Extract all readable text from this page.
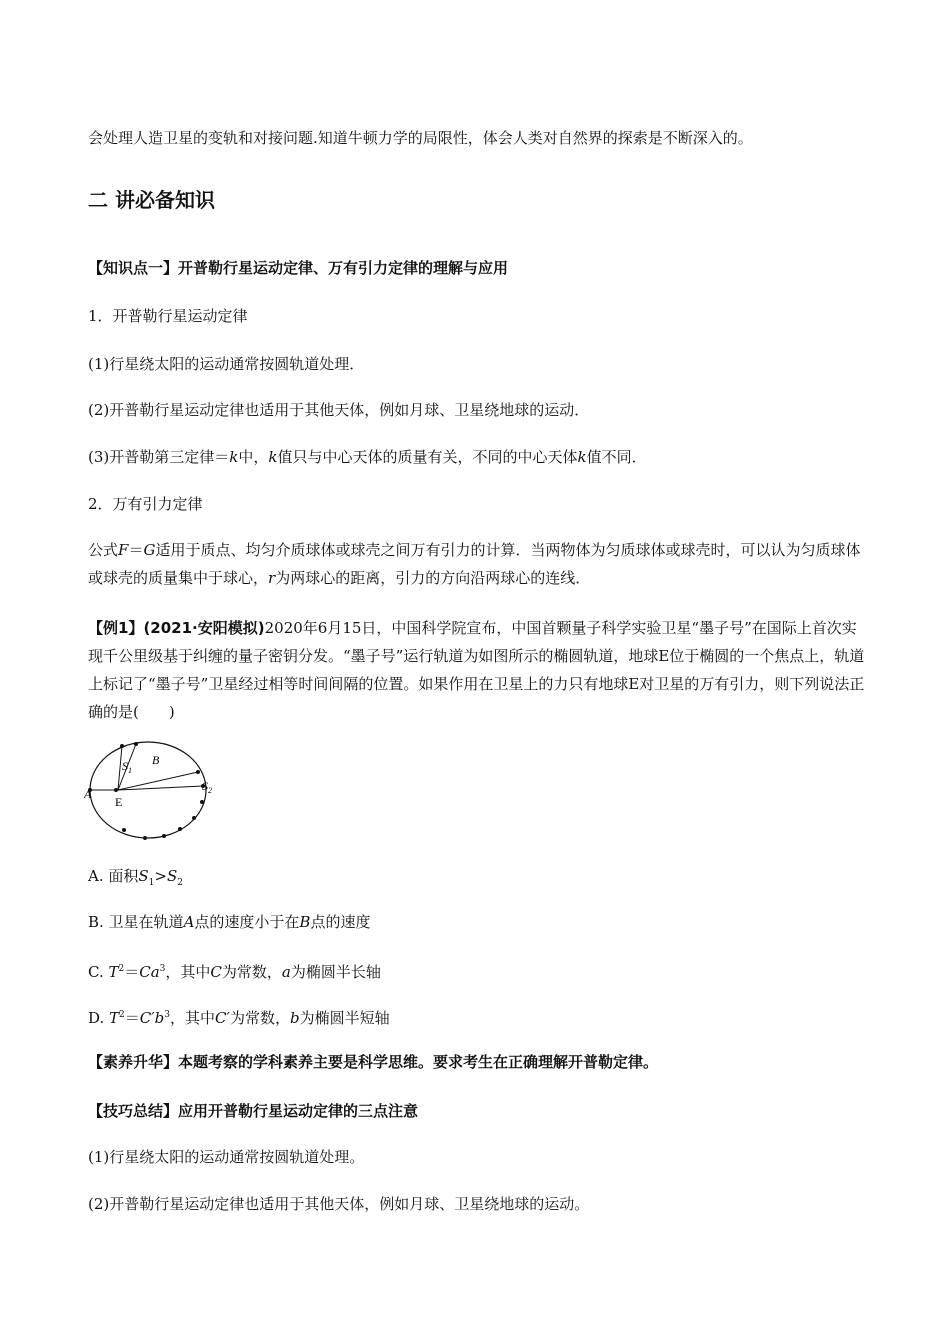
会处理人造卫星的变轨和对接问题.知道牛顿力学的局限性，体会人类对自然界的探索是不断深入的。
二 讲必备知识
【知识点一】开普勒行星运动定律、万有引力定律的理解与应用
1．开普勒行星运动定律
(1)行星绕太阳的运动通常按圆轨道处理．
(2)开普勒行星运动定律也适用于其他天体，例如月球、卫星绕地球的运动．
(3)开普勒第三定律＝k中，k值只与中心天体的质量有关，不同的中心天体k值不同．
2．万有引力定律
公式F＝G适用于质点、均匀介质球体或球壳之间万有引力的计算．当两物体为匀质球体或球壳时，可以认为匀质球体或球壳的质量集中于球心，r为两球心的距离，引力的方向沿两球心的连线．
【例1】(2021·安阳模拟)2020年6月15日，中国科学院宣布，中国首颗量子科学实验卫星“墨子号”在国际上首次实现千公里级基于纠缠的量子密钥分发。“墨子号”运行轨道为如图所示的椭圆轨道，地球E位于椭圆的一个焦点上，轨道上标记了“墨子号”卫星经过相等时间间隔的位置。如果作用在卫星上的力只有地球E对卫星的万有引力，则下列说法正确的是(　　)
A
E
$S_1$
B
$S_2$
A. 面积$S_1>S_2$
B. 卫星在轨道A点的速度小于在B点的速度
C. $T^2=Ca^3$，其中C为常数，a为椭圆半长轴
D. $T^2=C'b^3$，其中C′为常数，b为椭圆半短轴
【素养升华】本题考察的学科素养主要是科学思维。要求考生在正确理解开普勒定律。
【技巧总结】应用开普勒行星运动定律的三点注意
(1)行星绕太阳的运动通常按圆轨道处理。
(2)开普勒行星运动定律也适用于其他天体，例如月球、卫星绕地球的运动。
